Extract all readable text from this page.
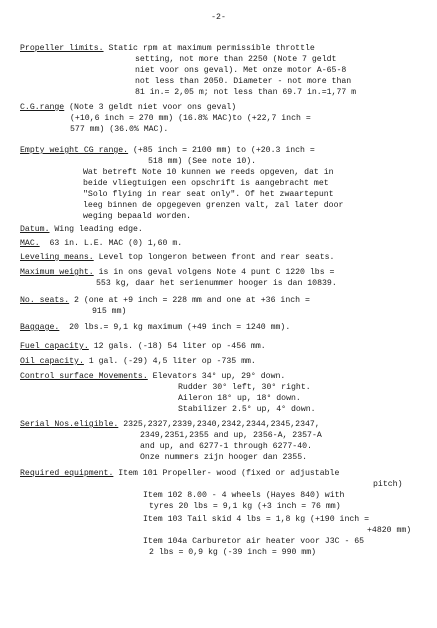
-2-
Propeller limits. Static rpm at maximum permissible throttle
setting, not more than 2250 (Note 7 geldt
niet voor ons geval). Met onze motor A-65-8
not less than 2050. Diameter - not more than
81 in.= 2,05 m; not less than 69.7 in.=1,77 m
C.G.range (Note 3 geldt niet voor ons geval)
(+10,6 inch = 270 mm) (16.8% MAC)to (+22,7 inch =
577 mm) (36.0% MAC).
Empty weight CG range. (+85 inch = 2100 mm) to (+20.3 inch =
518 mm) (See note 10).
Wat betreft Note 10 kunnen we reeds opgeven, dat in
beide vliegtuigen een opschrift is aangebracht met
"Solo flying in rear seat only". Of het zwaartepunt
leeg binnen de opgegeven grenzen valt, zal later door
weging bepaald worden.
Datum. Wing leading edge.
MAC.  63 in. L.E. MAC (0) 1,60 m.
Leveling means. Level top longeron between front and rear seats.
Maximum weight. is in ons geval volgens Note 4 punt C 1220 lbs =
553 kg, daar het serienummer hooger is dan 10839.
No. seats. 2 (one at +9 inch = 228 mm and one at +36 inch =
915 mm)
Baggage.  20 lbs.= 9,1 kg maximum (+49 inch = 1240 mm).
Fuel capacity. 12 gals. (-18) 54 liter op -456 mm.
Oil capacity. 1 gal. (-29) 4,5 liter op -735 mm.
Control surface Movements. Elevators 34° up, 29° down.
Rudder 30° left, 30° right.
Aileron 18° up, 18° down.
Stabilizer 2.5° up, 4° down.
Serial Nos.eligible. 2325,2327,2339,2340,2342,2344,2345,2347,
2349,2351,2355 and up, 2356-A, 2357-A
and up, and 6277-1 through 6277-40.
Onze nummers zijn hooger dan 2355.
Required equipment. Item 101 Propeller- wood (fixed or adjustable
pitch)
Item 102 8.00 - 4 wheels (Hayes 840) with
tyres 20 lbs = 9,1 kg (+3 inch = 76 mm)
Item 103 Tail skid 4 lbs = 1,8 kg (+190 inch =
+4820 mm)
Item 104a Carburetor air heater voor J3C - 65
2 lbs = 0,9 kg (-39 inch = 990 mm)
